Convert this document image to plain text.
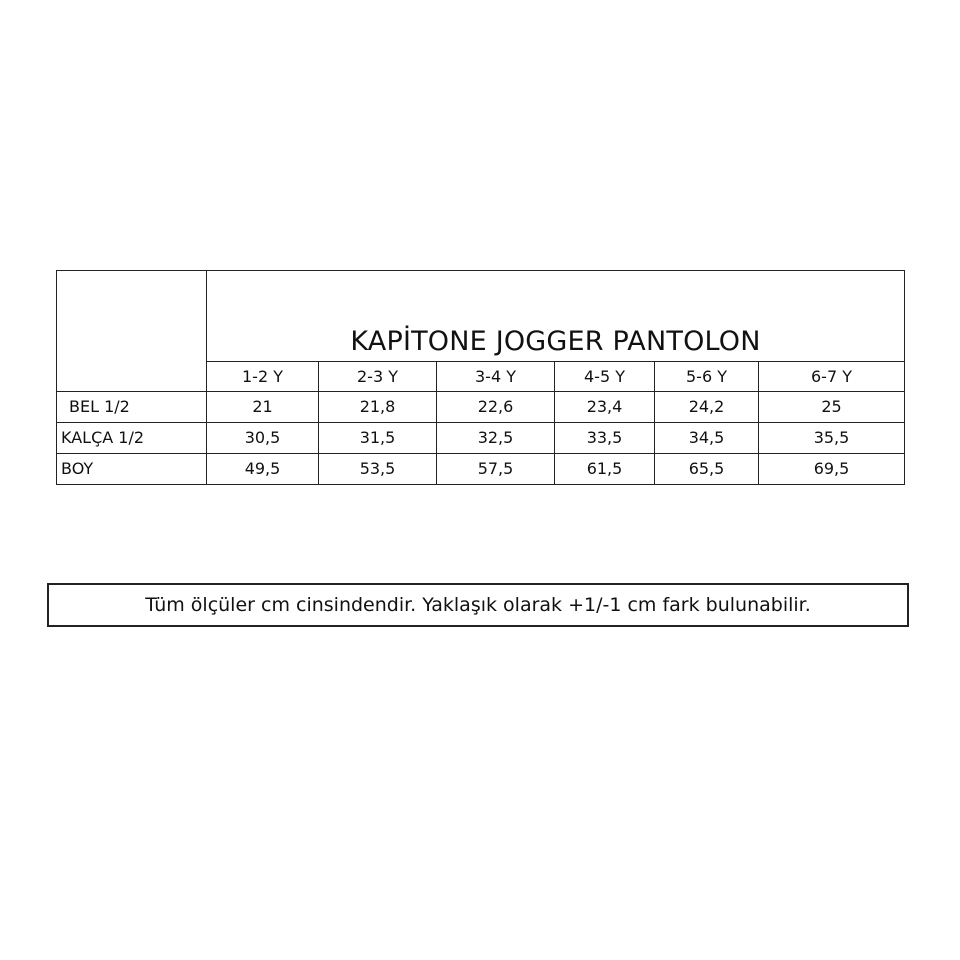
	KAPİTONE JOGGER PANTOLON					
	1-2 Y	2-3 Y	3-4 Y	4-5 Y	5-6 Y	6-7 Y
BEL 1/2	21	21,8	22,6	23,4	24,2	25
KALÇA 1/2	30,5	31,5	32,5	33,5	34,5	35,5
BOY	49,5	53,5	57,5	61,5	65,5	69,5
Tüm ölçüler cm cinsindendir. Yaklaşık olarak +1/-1 cm fark bulunabilir.
